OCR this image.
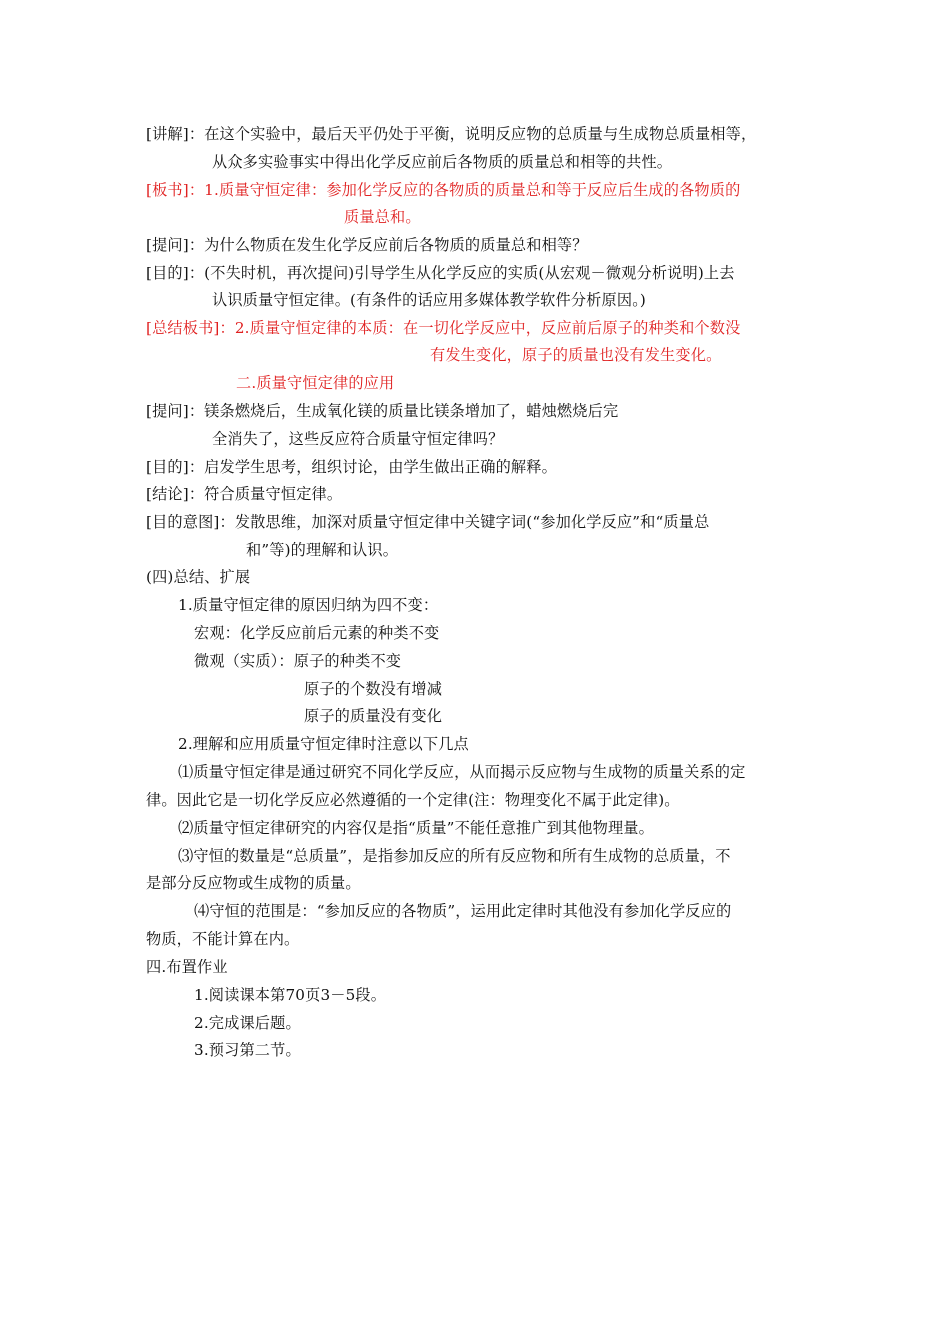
[讲解]：在这个实验中，最后天平仍处于平衡，说明反应物的总质量与生成物总质量相等，
从众多实验事实中得出化学反应前后各物质的质量总和相等的共性。
[板书]：1.质量守恒定律：参加化学反应的各物质的质量总和等于反应后生成的各物质的
质量总和。
[提问]：为什么物质在发生化学反应前后各物质的质量总和相等？
[目的]：(不失时机，再次提问)引导学生从化学反应的实质(从宏观－微观分析说明)上去
认识质量守恒定律。(有条件的话应用多媒体教学软件分析原因。)
[总结板书]：2.质量守恒定律的本质：在一切化学反应中，反应前后原子的种类和个数没
有发生变化，原子的质量也没有发生变化。
二.质量守恒定律的应用
[提问]：镁条燃烧后，生成氧化镁的质量比镁条增加了，蜡烛燃烧后完
全消失了，这些反应符合质量守恒定律吗？
[目的]：启发学生思考，组织讨论，由学生做出正确的解释。
[结论]：符合质量守恒定律。
[目的意图]：发散思维，加深对质量守恒定律中关键字词(“参加化学反应”和“质量总
和”等)的理解和认识。
(四)总结、扩展
1.质量守恒定律的原因归纳为四不变：
宏观：化学反应前后元素的种类不变
微观（实质）：原子的种类不变
原子的个数没有增减
原子的质量没有变化
2.理解和应用质量守恒定律时注意以下几点
⑴质量守恒定律是通过研究不同化学反应，从而揭示反应物与生成物的质量关系的定
律。因此它是一切化学反应必然遵循的一个定律(注：物理变化不属于此定律)。
⑵质量守恒定律研究的内容仅是指“质量”不能任意推广到其他物理量。
⑶守恒的数量是“总质量”，是指参加反应的所有反应物和所有生成物的总质量，不
是部分反应物或生成物的质量。
⑷守恒的范围是：“参加反应的各物质”，运用此定律时其他没有参加化学反应的
物质，不能计算在内。
四.布置作业
1.阅读课本第70页3－5段。
2.完成课后题。
3.预习第二节。
